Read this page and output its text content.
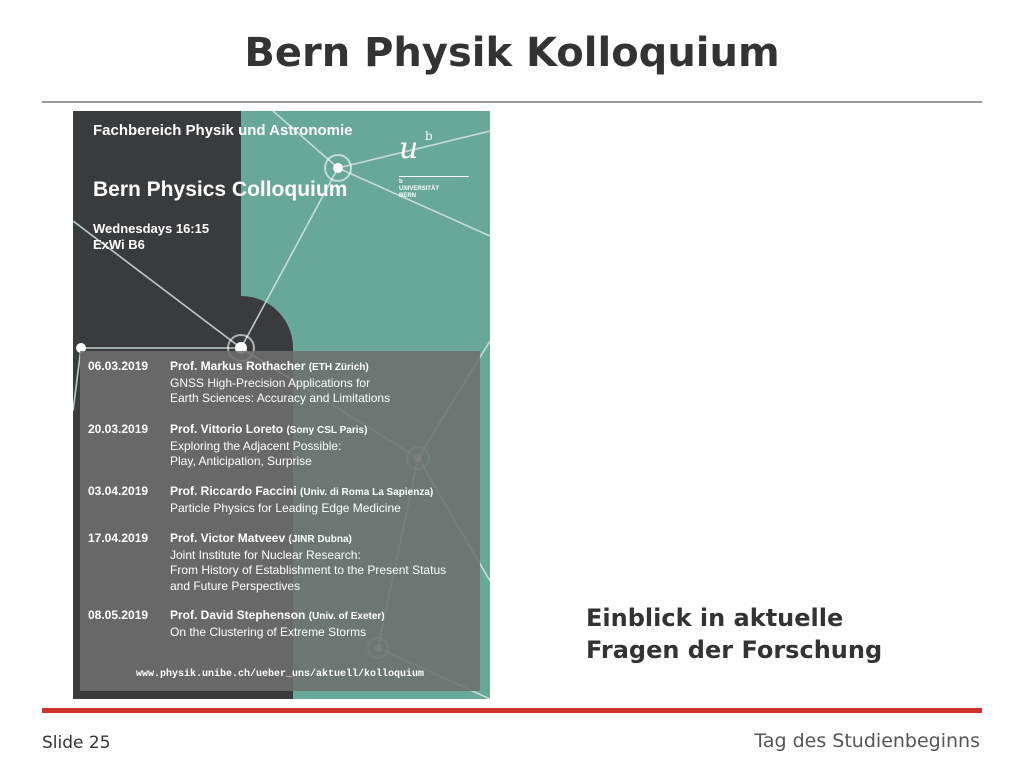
Bern Physik Kolloquium
Fachbereich Physik und Astronomie
u b
b
UNIVERSITÄT
BERN
Bern Physics Colloquium
Wednesdays 16:15
ExWi B6
06.03.2019 Prof. Markus Rothacher (ETH Zürich)
GNSS High-Precision Applications for
Earth Sciences: Accuracy and Limitations
20.03.2019 Prof. Vittorio Loreto (Sony CSL Paris)
Exploring the Adjacent Possible:
Play, Anticipation, Surprise
03.04.2019 Prof. Riccardo Faccini (Univ. di Roma La Sapienza)
Particle Physics for Leading Edge Medicine
17.04.2019 Prof. Victor Matveev (JINR Dubna)
Joint Institute for Nuclear Research:
From History of Establishment to the Present Status
and Future Perspectives
08.05.2019 Prof. David Stephenson (Univ. of Exeter)
On the Clustering of Extreme Storms
www.physik.unibe.ch/ueber_uns/aktuell/kolloquium
Einblick in aktuelle
Fragen der Forschung
Slide 25	Tag des Studienbeginns
